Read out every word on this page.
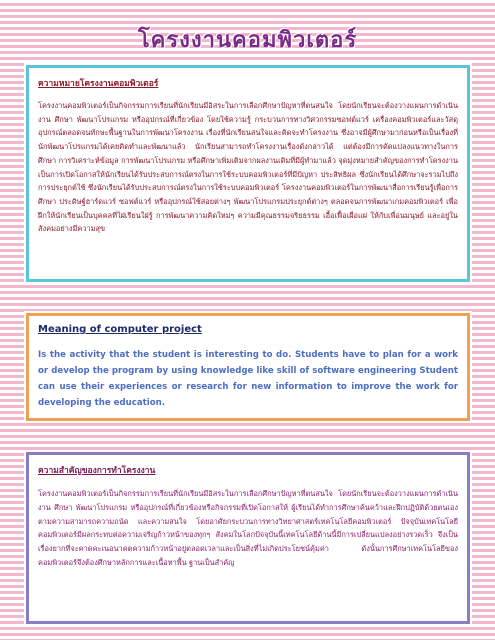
โครงงานคอมพิวเตอร์

ความหมายโครงงานคอมพิวเตอร์

โครงงานคอมพิวเตอร์เป็นกิจกรรมการเรียนที่นักเรียนมีอิสระในการเลือกศึกษาปัญหาที่ตนสนใจ โดยนักเรียนจะต้องวางแผนการดำเนินงาน ศึกษา พัฒนาโปรแกรม หรืออุปกรณ์ที่เกี่ยวข้อง โดยใช้ความรู้ กระบวนการทางวิศวกรรมซอฟต์แวร์ เครื่องคอมพิวเตอร์และวัสดุอุปกรณ์ตลอดจนทักษะพื้นฐานในการพัฒนาโครงงาน เรื่องที่นักเรียนสนใจและคิดจะทำโครงงาน ซึ่งอาจมีผู้ศึกษามาก่อนหรือเป็นเรื่องที่นักพัฒนาโปรแกรมได้เคยคิดทำและพัฒนาแล้ว นักเรียนสามารถทำโครงงานเรื่องดังกล่าวได้ แต่ต้องมีการดัดแปลงแนวทางในการศึกษา การวิเคราะห์ข้อมูล การพัฒนาโปรแกรม หรือศึกษาเพิ่มเติมจากผลงานเดิมที่มีผู้ทำมาแล้ว จุดมุ่งหมายสำคัญของการทำโครงงานเป็นการเปิดโอกาสให้นักเรียนได้รับประสบการณ์ตรงในการใช้ระบบคอมพิวเตอร์ที่มีปัญหา ประสิทธิผล ซึ่งนักเรียนได้ศึกษาจะรวมไปถึงการประยุกต์ใช้ ซึ่งนักเรียนได้รับประสบการณ์ตรงในการใช้ระบบคอมพิวเตอร์ โครงงานคอมพิวเตอร์ในการพัฒนาสื่อการเรียนรู้เพื่อการศึกษา ประดิษฐ์ฮาร์ดแวร์ ซอฟต์แวร์ หรืออุปกรณ์ใช้สอยต่างๆ พัฒนาโปรแกรมประยุกต์ต่างๆ ตลอดจนการพัฒนาเกมคอมพิวเตอร์ เพื่อฝึกให้นักเรียนเป็นบุคคลที่ใฝ่เรียนใฝ่รู้ การพัฒนาความคิดใหม่ๆ ความมีคุณธรรมจริยธรรม เอื้อเฟื้อเผื่อแผ่ ให้กับเพื่อนมนุษย์ และอยู่ในสังคมอย่างมีความสุข

Meaning of computer project

Is the activity that the student is interesting to do. Students have to plan for a work or develop the program by using knowledge like skill of software engineering Student can use their experiences or research for new information to improve the work for developing the education.

ความสำคัญของการทำโครงงาน

โครงงานคอมพิวเตอร์เป็นกิจกรรมการเรียนที่นักเรียนมีอิสระในการเลือกศึกษาปัญหาที่ตนสนใจ โดยนักเรียนจะต้องวางแผนการดำเนินงาน ศึกษา พัฒนาโปรแกรม หรืออุปกรณ์ที่เกี่ยวข้องหรือกิจกรรมที่เปิดโอกาสให้ ผู้เรียนได้ทำการศึกษาค้นคว้าและฝึกปฏิบัติด้วยตนเองตามความสามารถความถนัด และความสนใจ โดยอาศัยกระบวนการทางวิทยาศาสตร์เทคโนโลยีคอมพิวเตอร์ ปัจจุบันเทคโนโลยีคอมพิวเตอร์มีผลกระทบต่อความเจริญก้าวหน้าของทุกๆ สังคมในโลกปัจจุบันนี้เทคโนโลยีด้านนี้มีการเปลี่ยนแปลงอย่างรวดเร็ว จึงเป็นเรื่องยากที่จะคาดคะเนอนาคตความก้าวหน้าอยู่ตลอดเวลาและเป็นสิ่งที่ไม่เกิดประโยชน์คุ้มค่า ดังนั้นการศึกษาเทคโนโลยีของคอมพิวเตอร์จึงต้องศึกษาหลักการและเนื้อหาพื้น ฐานเป็นสำคัญ
